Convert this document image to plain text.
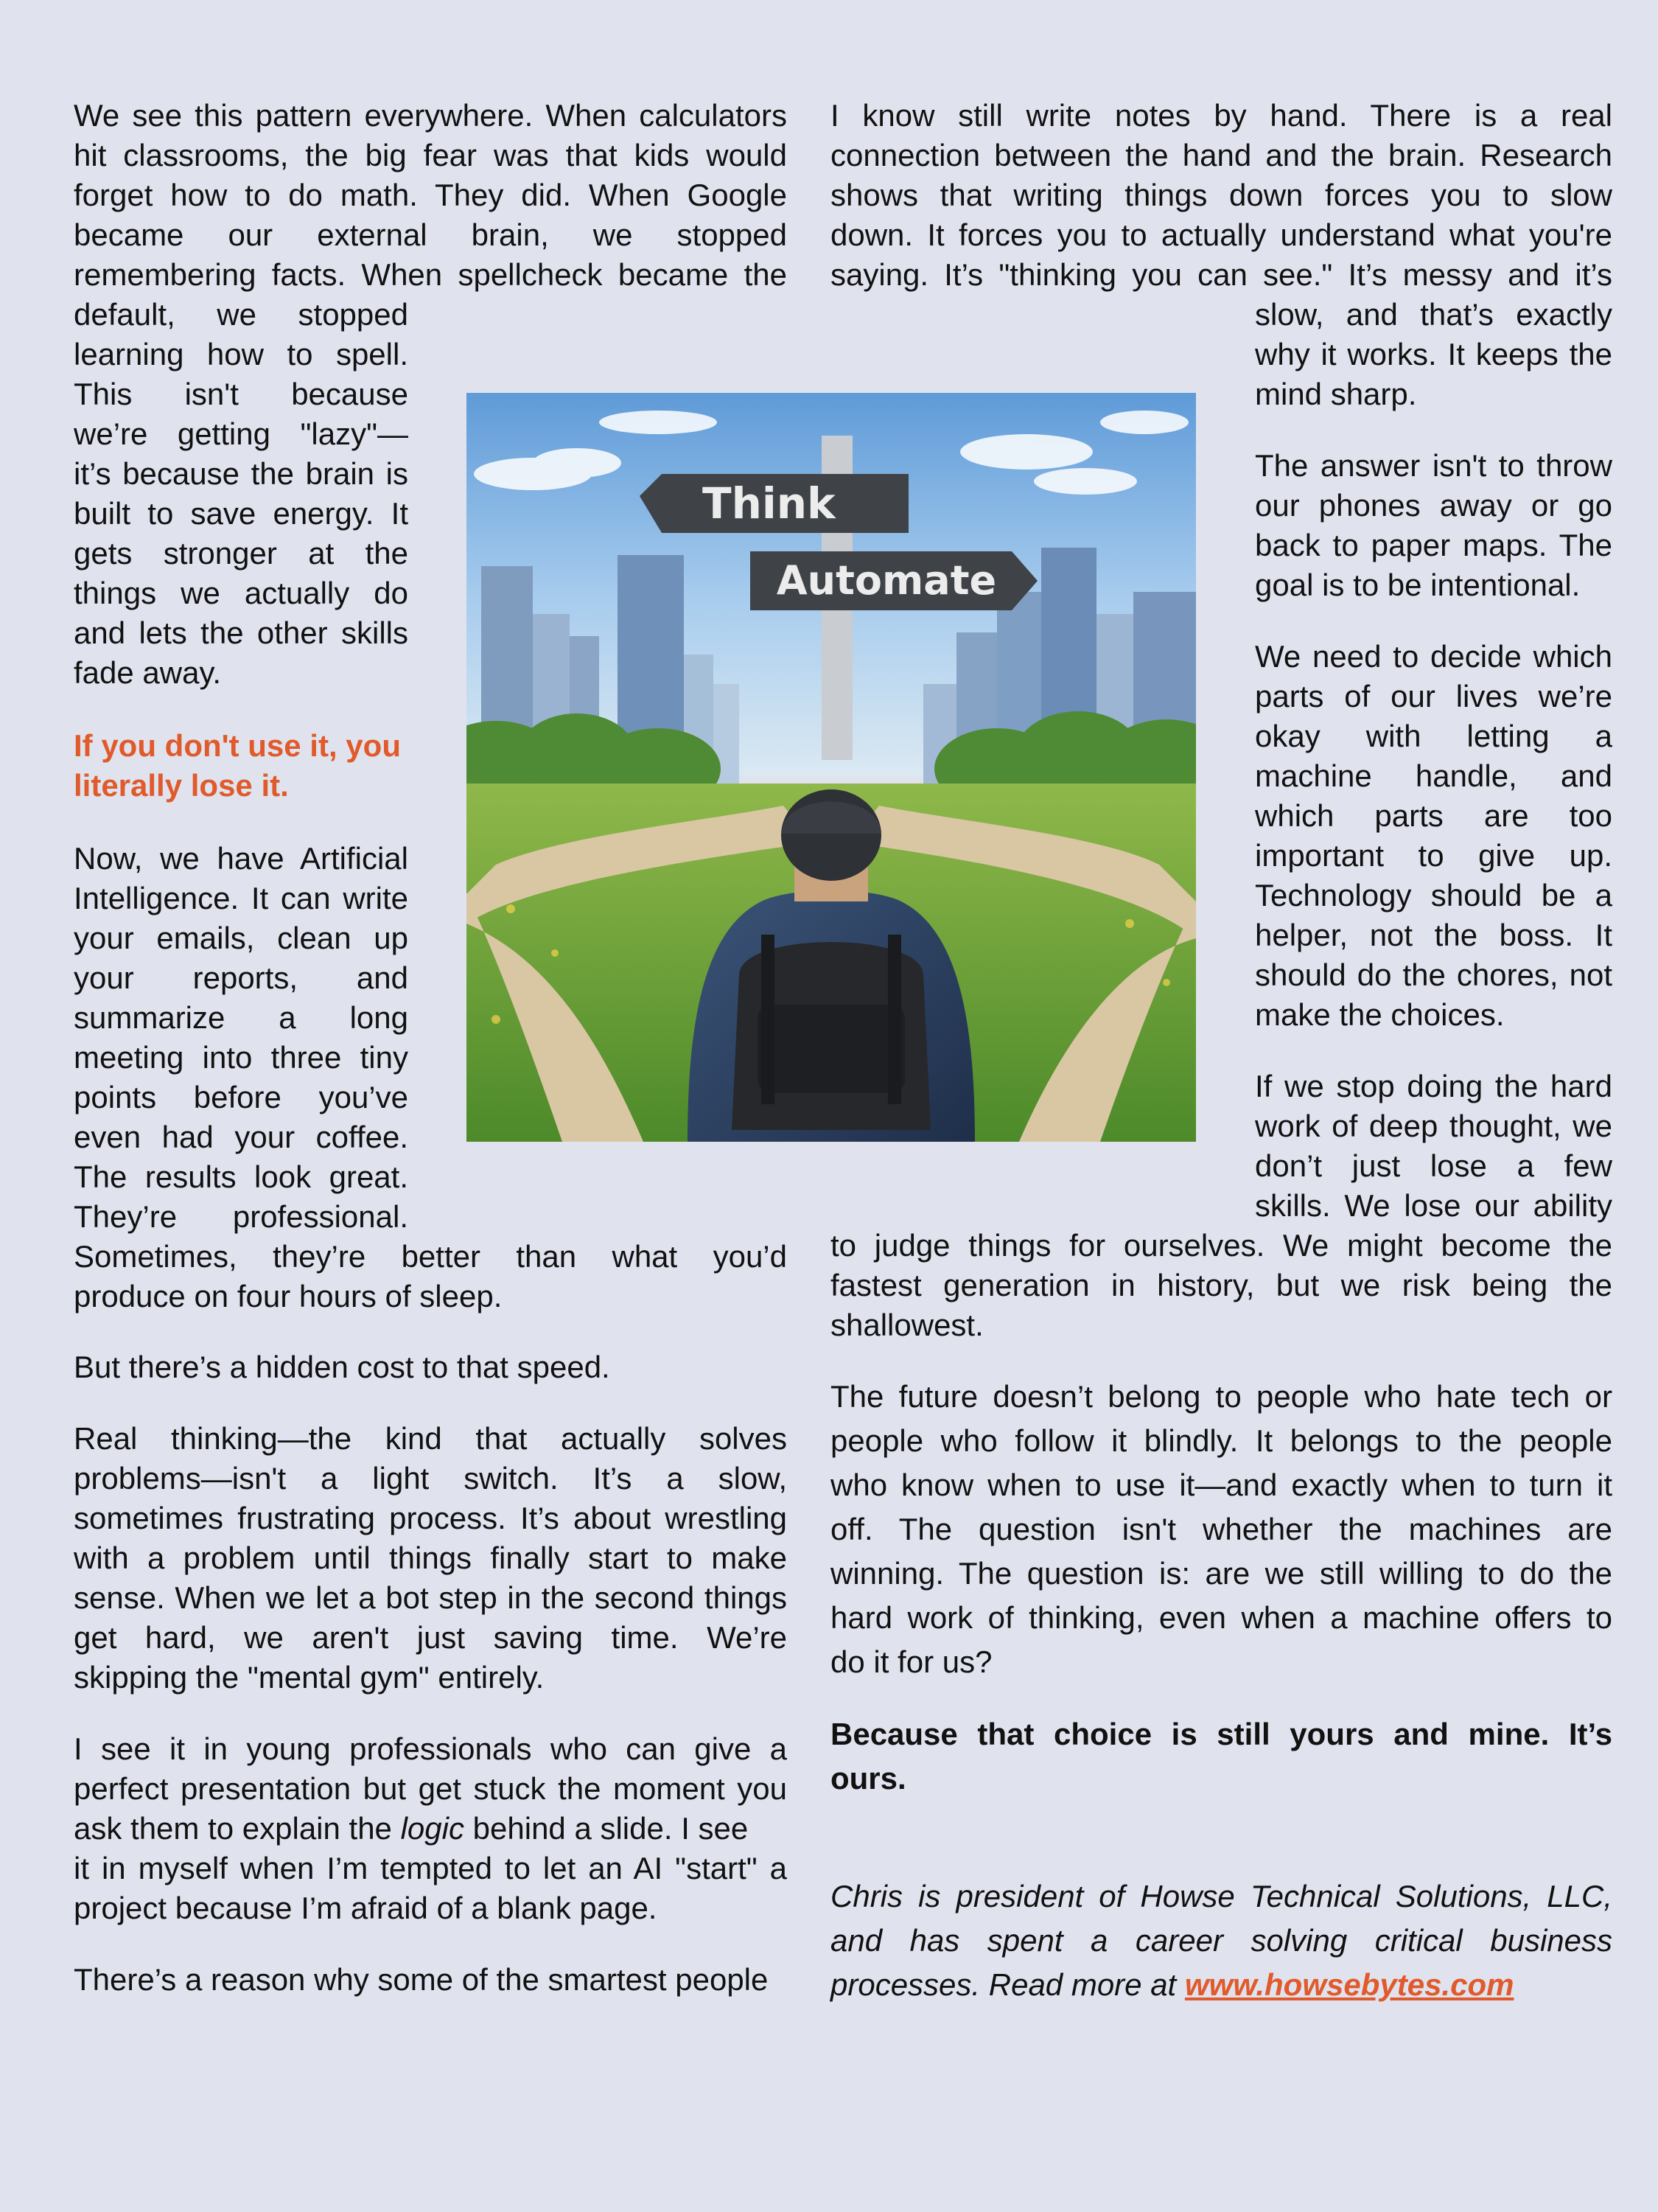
We see this pattern everywhere. When calculators
hit classrooms, the big fear was that kids would
forget how to do math. They did. When Google
became our external brain, we stopped
remembering facts. When spellcheck became the
default, we stopped
learning how to spell.
This isn't because
we’re getting "lazy"—
it’s because the brain is
built to save energy. It
gets stronger at the
things we actually do
and lets the other skills
fade away.
If you don't use it, you
literally lose it.
Now, we have Artificial
Intelligence. It can write
your emails, clean up
your reports, and
summarize a long
meeting into three tiny
points before you’ve
even had your coffee.
The results look great.
They’re professional.
Sometimes, they’re better than what you’d
produce on four hours of sleep.
But there’s a hidden cost to that speed.
Real thinking—the kind that actually solves
problems—isn't a light switch. It’s a slow,
sometimes frustrating process. It’s about wrestling
with a problem until things finally start to make
sense. When we let a bot step in the second things
get hard, we aren't just saving time. We’re
skipping the "mental gym" entirely.
I see it in young professionals who can give a
perfect presentation but get stuck the moment you
ask them to explain the logic behind a slide. I see
it in myself when I’m tempted to let an AI "start" a
project because I’m afraid of a blank page.
There’s a reason why some of the smartest people
I know still write notes by hand. There is a real
connection between the hand and the brain. Research
shows that writing things down forces you to slow
down. It forces you to actually understand what you're
saying. It’s "thinking you can see." It’s messy and it’s
slow, and that’s exactly
why it works. It keeps the
mind sharp.
The answer isn't to throw
our phones away or go
back to paper maps. The
goal is to be intentional.
We need to decide which
parts of our lives we’re
okay with letting a
machine handle, and
which parts are too
important to give up.
Technology should be a
helper, not the boss. It
should do the chores, not
make the choices.
If we stop doing the hard
work of deep thought, we
don’t just lose a few
skills. We lose our ability
to judge things for ourselves. We might become the
fastest generation in history, but we risk being the
shallowest.
The future doesn’t belong to people who hate tech or
people who follow it blindly. It belongs to the people
who know when to use it—and exactly when to turn it
off. The question isn't whether the machines are
winning. The question is: are we still willing to do the
hard work of thinking, even when a machine offers to
do it for us?
Because that choice is still yours and mine. It’s
ours.
Chris is president of Howse Technical Solutions, LLC,
and has spent a career solving critical business
processes. Read more at www.howsebytes.com
Think
Automate
